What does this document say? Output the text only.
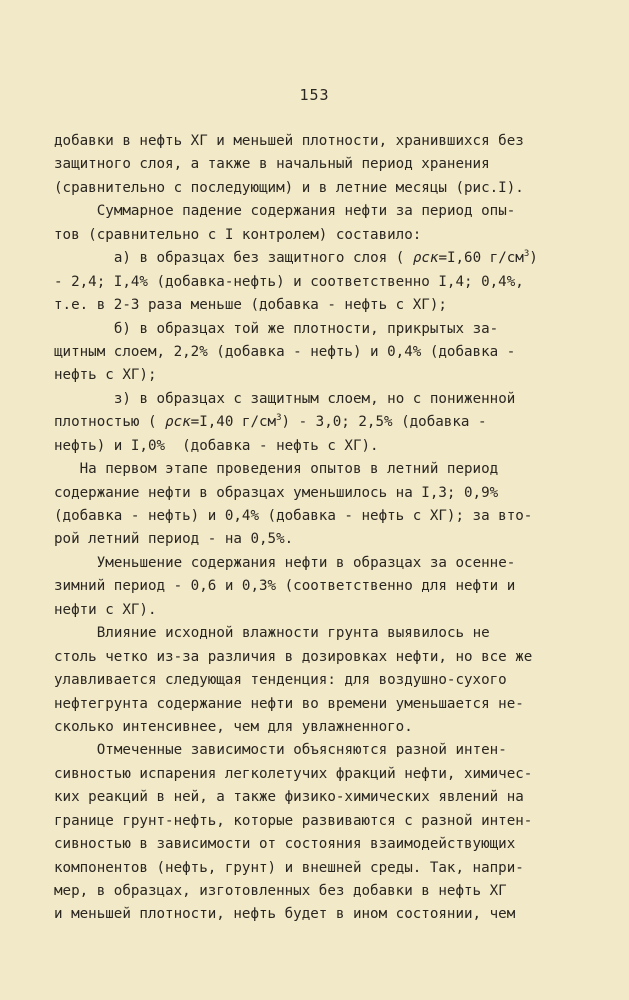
153
добавки в нефть ХГ и меньшей плотности, хранившихся без
защитного слоя, а также в начальный период хранения
(сравнительно с последующим) и в летние месяцы (рис.I).
Суммарное падение содержания нефти за период опы-
тов (сравнительно с I контролем) составило:
а) в образцах без защитного слоя ( ρск=I,60 $г/см^3$)
- 2,4; I,4% (добавка-нефть) и соответственно I,4; 0,4%,
т.е. в 2-3 раза меньше (добавка - нефть с ХГ);
б) в образцах той же плотности, прикрытых за-
щитным слоем, 2,2% (добавка - нефть) и 0,4% (добавка -
нефть с ХГ);
з) в образцах с защитным слоем, но с пониженной
плотностью ( ρск=I,40 $г/см^3) - 3,0$; 2,5% (добавка -
нефть) и I,0%  (добавка - нефть с ХГ).
На первом этапе проведения опытов в летний период
содержание нефти в образцах уменьшилось на I,3; 0,9%
(добавка - нефть) и 0,4% (добавка - нефть с ХГ); за вто-
рой летний период - на 0,5%.
Уменьшение содержания нефти в образцах за осенне-
зимний период - 0,6 и 0,3% (соответственно для нефти и
нефти с ХГ).
Влияние исходной влажности грунта выявилось не
столь четко из-за различия в дозировках нефти, но все же
улавливается следующая тенденция: для воздушно-сухого
нефтегрунта содержание нефти во времени уменьшается не-
сколько интенсивнее, чем для увлажненного.
Отмеченные зависимости объясняются разной интен-
сивностью испарения легколетучих фракций нефти, химичес-
ких реакций в ней, а также физико-химических явлений на
границе грунт-нефть, которые развиваются с разной интен-
сивностью в зависимости от состояния взаимодействующих
компонентов (нефть, грунт) и внешней среды. Так, напри-
мер, в образцах, изготовленных без добавки в нефть ХГ
и меньшей плотности, нефть будет в ином состоянии, чем
